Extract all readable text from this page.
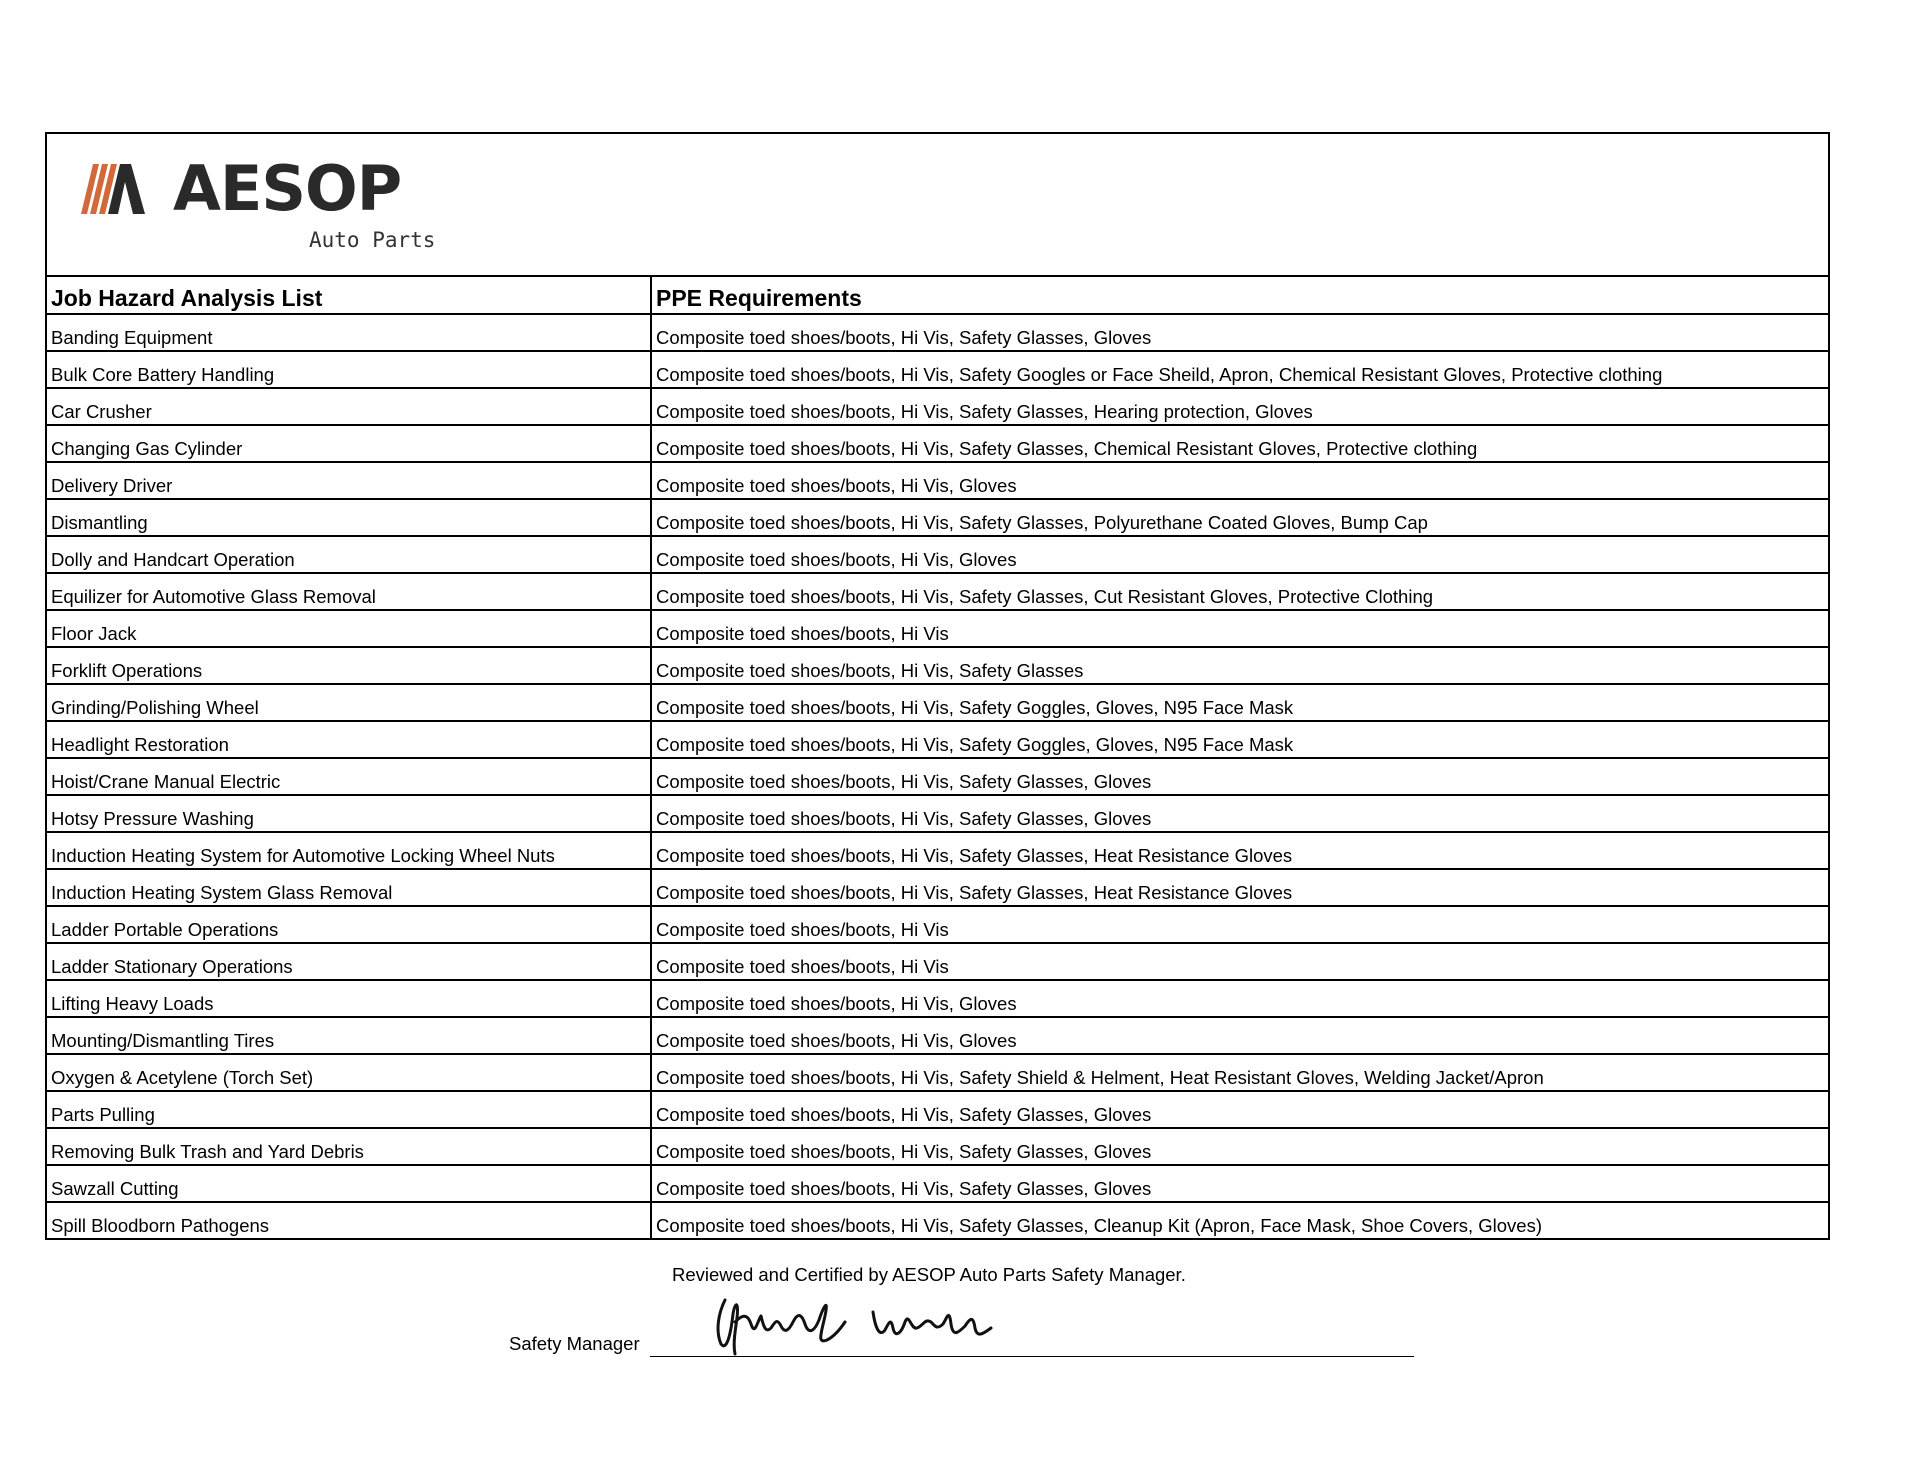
AESOP
Auto Parts	

Job Hazard Analysis List	PPE Requirements
Banding Equipment	Composite toed shoes/boots, Hi Vis, Safety Glasses, Gloves
Bulk Core Battery Handling	Composite toed shoes/boots, Hi Vis, Safety Googles or Face Sheild, Apron, Chemical Resistant Gloves, Protective clothing
Car Crusher	Composite toed shoes/boots, Hi Vis, Safety Glasses, Hearing protection, Gloves
Changing Gas Cylinder	Composite toed shoes/boots, Hi Vis, Safety Glasses, Chemical Resistant Gloves, Protective clothing
Delivery Driver	Composite toed shoes/boots, Hi Vis, Gloves
Dismantling	Composite toed shoes/boots, Hi Vis, Safety Glasses, Polyurethane Coated Gloves, Bump Cap
Dolly and Handcart Operation	Composite toed shoes/boots, Hi Vis, Gloves
Equilizer for Automotive Glass Removal	Composite toed shoes/boots, Hi Vis, Safety Glasses, Cut Resistant Gloves, Protective Clothing
Floor Jack	Composite toed shoes/boots, Hi Vis
Forklift Operations	Composite toed shoes/boots, Hi Vis, Safety Glasses
Grinding/Polishing Wheel	Composite toed shoes/boots, Hi Vis, Safety Goggles, Gloves, N95 Face Mask
Headlight Restoration	Composite toed shoes/boots, Hi Vis, Safety Goggles, Gloves, N95 Face Mask
Hoist/Crane Manual Electric	Composite toed shoes/boots, Hi Vis, Safety Glasses, Gloves
Hotsy Pressure Washing	Composite toed shoes/boots, Hi Vis, Safety Glasses, Gloves
Induction Heating System for Automotive Locking Wheel Nuts	Composite toed shoes/boots, Hi Vis, Safety Glasses, Heat Resistance Gloves
Induction Heating System Glass Removal	Composite toed shoes/boots, Hi Vis, Safety Glasses, Heat Resistance Gloves
Ladder Portable Operations	Composite toed shoes/boots, Hi Vis
Ladder Stationary Operations	Composite toed shoes/boots, Hi Vis
Lifting Heavy Loads	Composite toed shoes/boots, Hi Vis, Gloves
Mounting/Dismantling Tires	Composite toed shoes/boots, Hi Vis, Gloves
Oxygen & Acetylene (Torch Set)	Composite toed shoes/boots, Hi Vis, Safety Shield & Helment, Heat Resistant Gloves, Welding Jacket/Apron
Parts Pulling	Composite toed shoes/boots, Hi Vis, Safety Glasses, Gloves
Removing Bulk Trash and Yard Debris	Composite toed shoes/boots, Hi Vis, Safety Glasses, Gloves
Sawzall Cutting	Composite toed shoes/boots, Hi Vis, Safety Glasses, Gloves
Spill Bloodborn Pathogens	Composite toed shoes/boots, Hi Vis, Safety Glasses, Cleanup Kit (Apron, Face Mask, Shoe Covers, Gloves)
Reviewed and Certified by AESOP Auto Parts Safety Manager.
Safety Manager
